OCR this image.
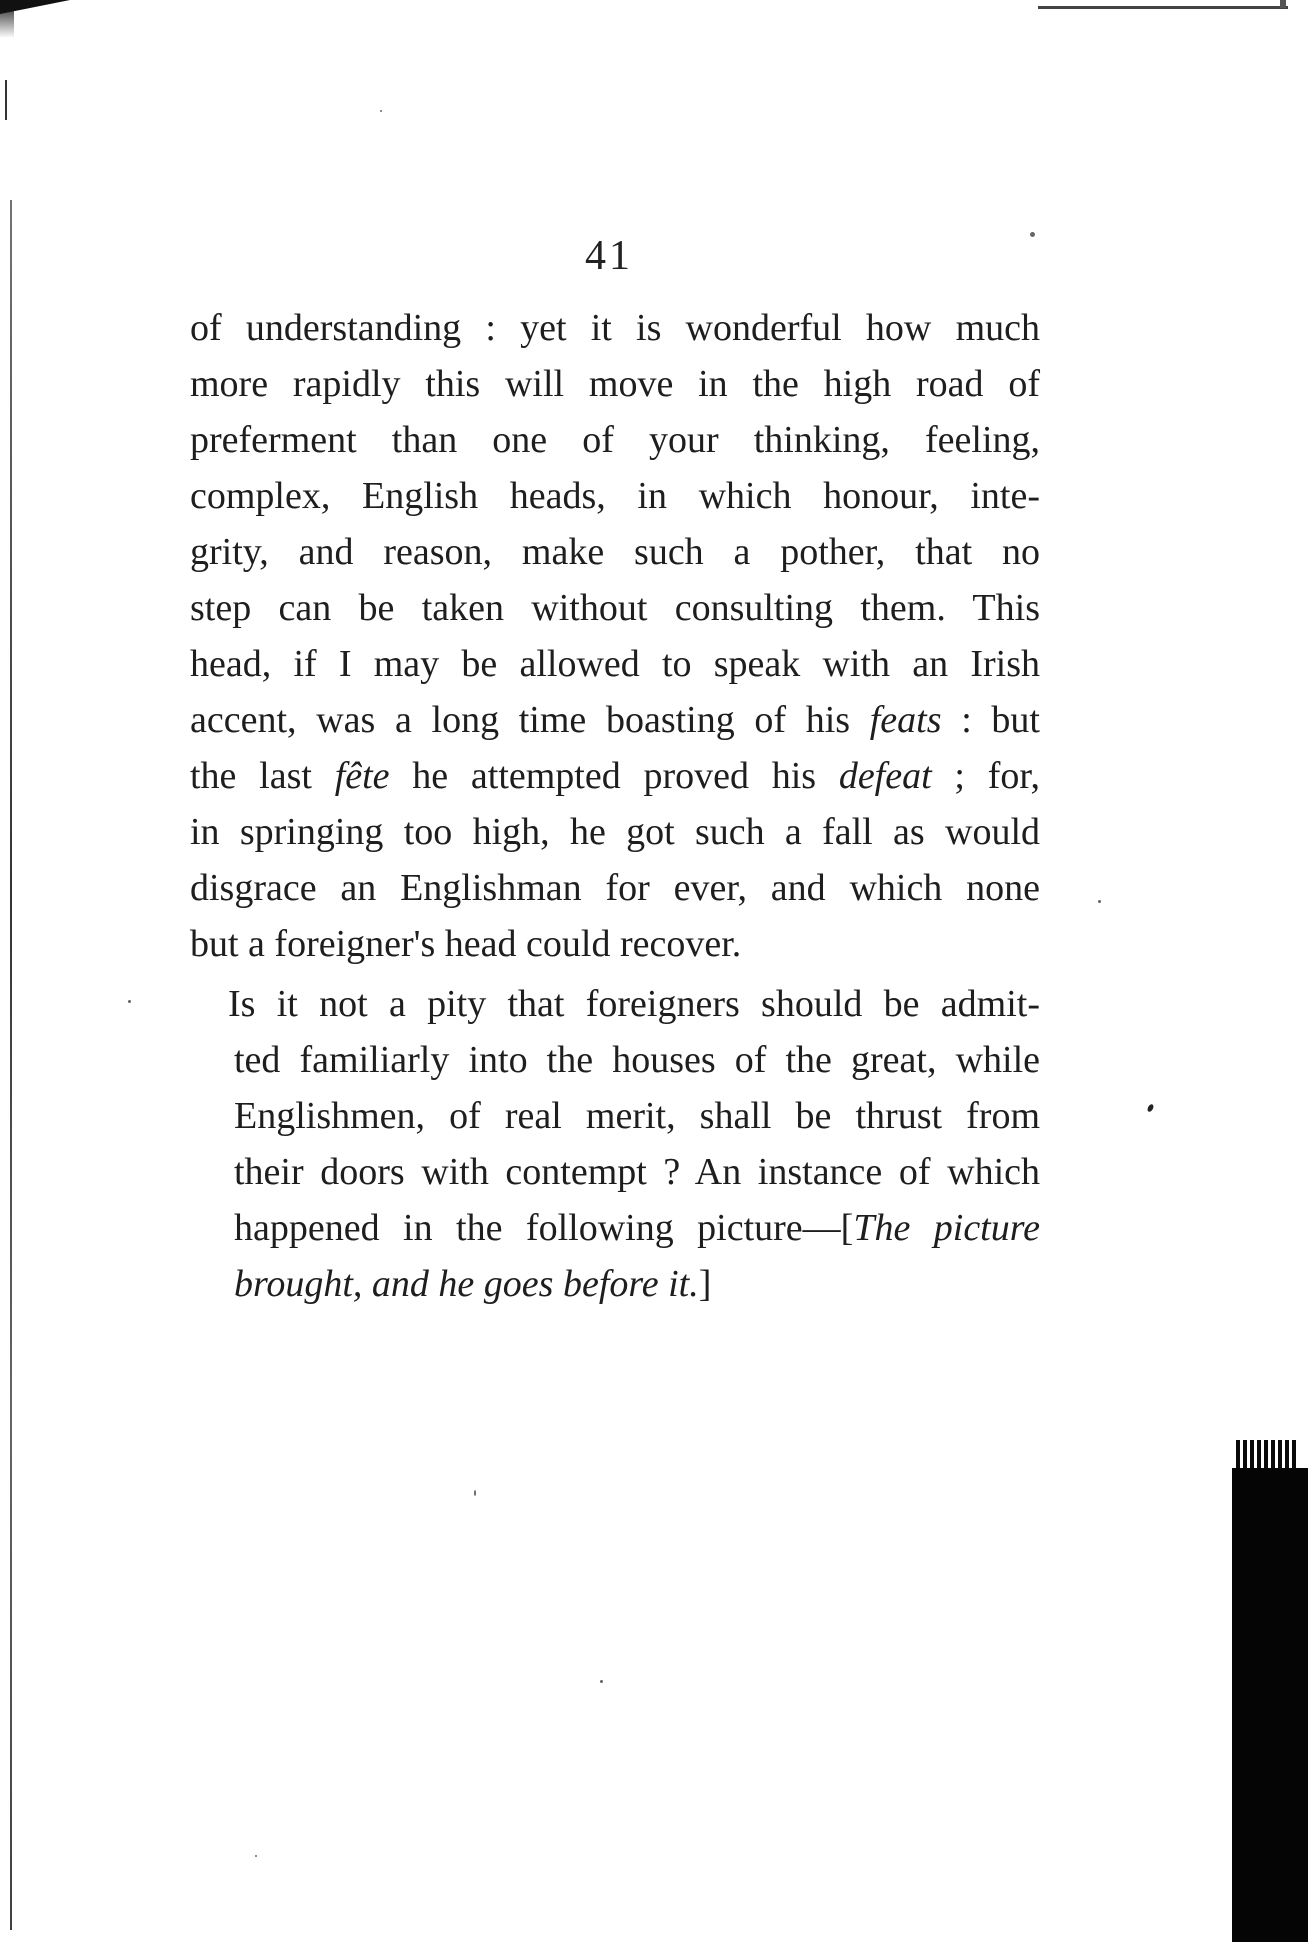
41
of understanding : yet it is wonderful how much
more rapidly this will move in the high road of
preferment than one of your thinking, feeling,
complex, English heads, in which honour, inte-
grity, and reason, make such a pother, that no
step can be taken without consulting them. This
head, if I may be allowed to speak with an Irish
accent, was a long time boasting of his feats : but
the last fête he attempted proved his defeat ; for,
in springing too high, he got such a fall as would
disgrace an Englishman for ever, and which none
but a foreigner's head could recover.
Is it not a pity that foreigners should be admit-
ted familiarly into the houses of the great, while
Englishmen, of real merit, shall be thrust from
their doors with contempt ? An instance of which
happened in the following picture—[The picture
brought, and he goes before it.]
